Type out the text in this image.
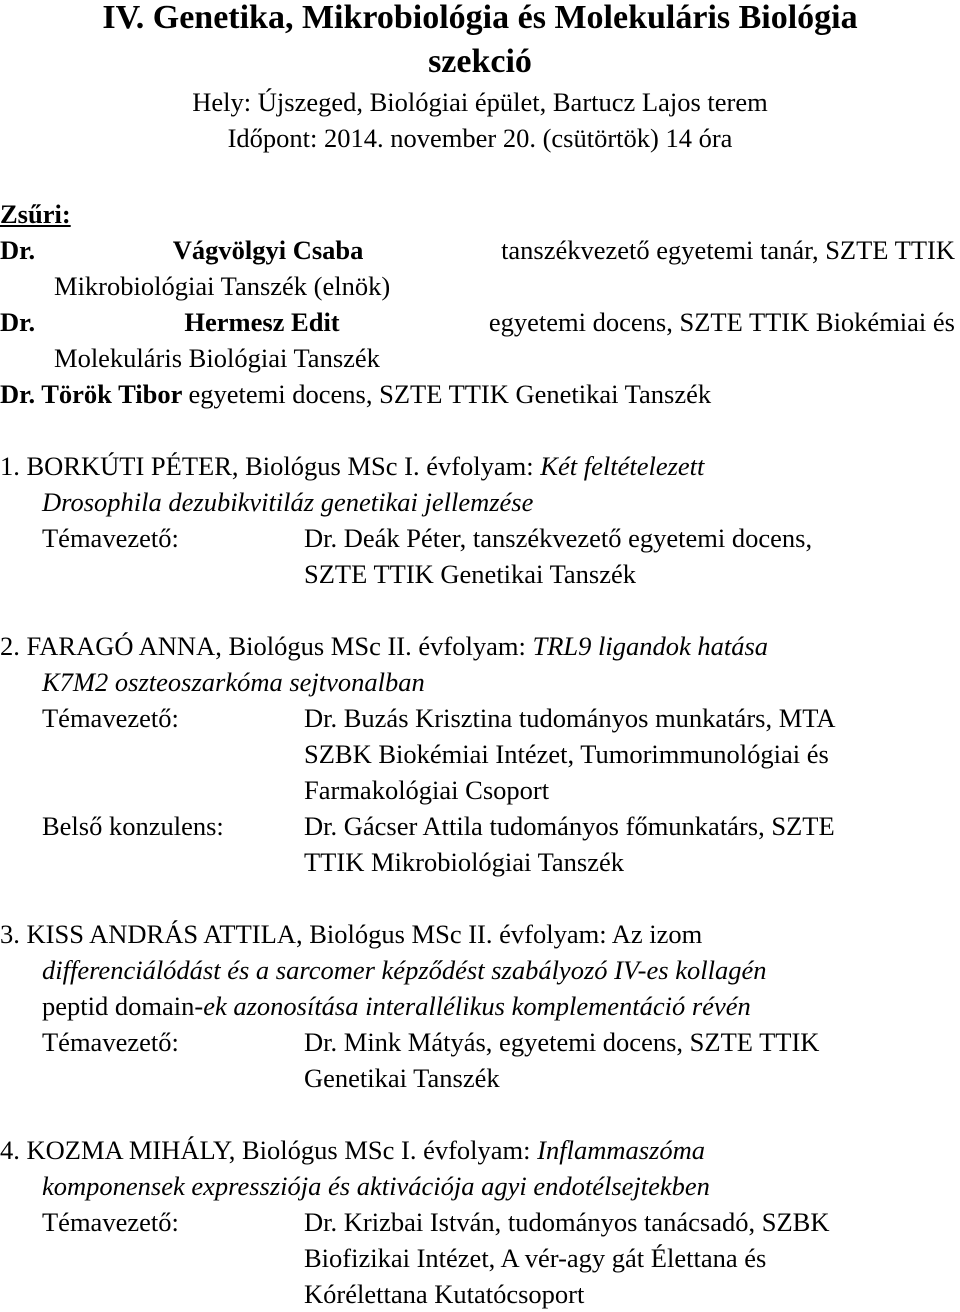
IV. Genetika, Mikrobiológia és Molekuláris Biológia
szekció
Hely: Újszeged, Biológiai épület, Bartucz Lajos terem
Időpont: 2014. november 20. (csütörtök) 14 óra
Zsűri:
Dr.	Vágvölgyi Csaba	tanszékvezető egyetemi tanár, SZTE TTIK
Mikrobiológiai Tanszék (elnök)
Dr.	Hermesz Edit	egyetemi docens, SZTE TTIK Biokémiai és
Molekuláris Biológiai Tanszék
Dr. Török Tibor egyetemi docens, SZTE TTIK Genetikai Tanszék
1. BORKÚTI PÉTER, Biológus MSc I. évfolyam: Két feltételezett
Drosophila dezubikvitiláz genetikai jellemzése
Témavezető:	Dr. Deák Péter, tanszékvezető egyetemi docens,
SZTE TTIK Genetikai Tanszék
2. FARAGÓ ANNA, Biológus MSc II. évfolyam: TRL9 ligandok hatása
K7M2 oszteoszarkóma sejtvonalban
Témavezető:	Dr. Buzás Krisztina tudományos munkatárs, MTA
SZBK Biokémiai Intézet, Tumorimmunológiai és
Farmakológiai Csoport
Belső konzulens:	Dr. Gácser Attila tudományos főmunkatárs, SZTE
TTIK Mikrobiológiai Tanszék
3. KISS ANDRÁS ATTILA, Biológus MSc II. évfolyam: Az izom
differenciálódást és a sarcomer képződést szabályozó IV-es kollagén
peptid domain-ek azonosítása interallélikus komplementáció révén
Témavezető:	Dr. Mink Mátyás, egyetemi docens, SZTE TTIK
Genetikai Tanszék
4. KOZMA MIHÁLY, Biológus MSc I. évfolyam: Inflammaszóma
komponensek expressziója és aktivációja agyi endotélsejtekben
Témavezető:	Dr. Krizbai István, tudományos tanácsadó, SZBK
Biofizikai Intézet, A vér-agy gát Élettana és
Kórélettana Kutatócsoport
